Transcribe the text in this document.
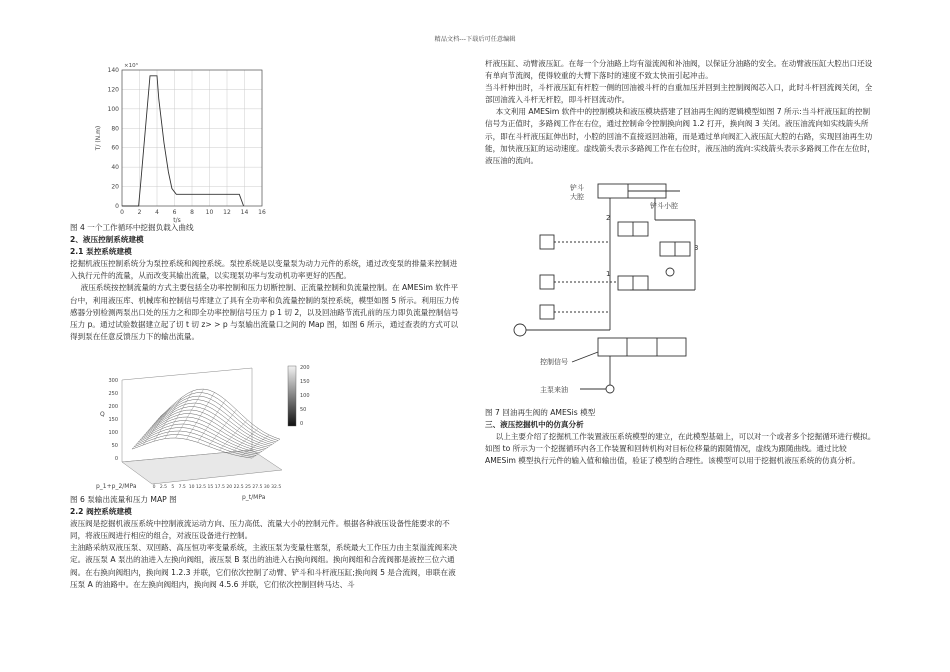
精品文档---下载后可任意编辑
0 2 4 6 8 10 12 14 16
0
20
40
60
80
100
120
140
T/ (N.m)
t/s
×10³
0
50
100
150
200
250
300
0 2.5 5 7.5 10 12.5 15 17.5 20 22.5 25 27.5 30 32.5
p_t/MPa
p_1+p_2/MPa
Q
200
150
100
50
0

图 4 一个工作循环中挖掘负载入曲线

2、液压控制系统建模

2.1 泵控系统建模

挖掘机液压控制系统分为泵控系统和阀控系统。泵控系统是以变量泵为动力元件的系统，通过改变泵的排量来控制进入执行元件的流量，从而改变其输出流量，以实现泵功率与发动机功率更好的匹配。

液压系统按控制流量的方式主要包括全功率控制和压力切断控制、正流量控制和负流量控制。在 AMESim 软件平台中，利用液压库、机械库和控制信号库建立了具有全功率和负流量控制的泵控系统，模型如图 5 所示。利用压力传感器分别检测两泵出口处的压力之和即全功率控制信号压力 p 1 切 2，以及回油路节流孔前的压力即负流量控制信号压力 p。通过试验数据建立起了切 t 切 z> > p 与泵输出流量口之间的 Map 图，如图 6 所示，通过查表的方式可以得到泵在任意反馈压力下的输出流量。

图 6 泵输出流量和压力 MAP 图

2.2 阀控系统建模

液压阀是挖掘机液压系统中控制液流运动方向、压力高低、流量大小的控制元件。根据各种液压设备性能要求的不同，将液压阀进行相应的组合，对液压设备进行控制。

主油路采纳双液压泵、双回路、高压恒功率变量系统，主液压泵为变量柱塞泵，系统最大工作压力由主泵溢流阀来决定。液压泵 A 泵出的油进入左换向阀组，液压泵 B 泵出的油进入右换向阀组。换向阀组和合流阀都是液控三位六通阀。在右换向阀组内，换向阀 1.2.3 并联，它们依次控制了动臂、铲斗和斗杆液压缸;换向阀 5 是合流阀，串联在液压泵 A 的油路中。在左换向阀组内，换向阀 4.5.6 并联，它们依次控制回转马达、斗

杆液压缸、动臂液压缸。在每一个分油路上均有溢流阀和补油阀，以保证分油路的安全。在动臂液压缸大腔出口还设有单向节流阀，使得较重的大臂下落时的速度不致太快而引起冲击。

当斗杆伸出时，斗杆液压缸有杆腔一侧的回油被斗杆的自重加压并回到主控制阀阀芯入口，此时斗杆回流阀关闭，全部回油流入斗杆无杆腔，即斗杆回流动作。

本文利用 AMESim 软件中的控制模块和液压模块搭建了回油再生阀的逻辑模型如图 7 所示:当斗杆液压缸的控制信号为正值时，多路阀工作在右位，通过控制命令控制换向阀 1.2 打开，换向阀 3 关闭。液压油流向如实线箭头所示，即在斗杆液压缸伸出时，小腔的回油不直接返回油箱，而是通过单向阀汇入液压缸大腔的右路，实现回油再生功能，加快液压缸的运动速度。虚线箭头表示多路阀工作在右位时，液压油的流向:实线箭头表示多路阀工作在左位时，液压油的流向。

图 7 回油再生阀的 AMESis 模型

三、液压挖掘机中的仿真分析

以上主要介绍了挖掘机工作装置液压系统模型的建立，在此模型基础上，可以对一个或者多个挖掘循环进行模拟。如图 to 所示为一个挖掘循环内各工作装置和回转机构对目标位移量的跟随情况，虚线为跟随曲线。通过比较 AMESim 模型执行元件的输入值和输出值，验证了模型的合理性。该模型可以用于挖掘机液压系统的仿真分析。

铲斗大腔
铲斗小腔
2
3
1
控制信号
主泵来油
